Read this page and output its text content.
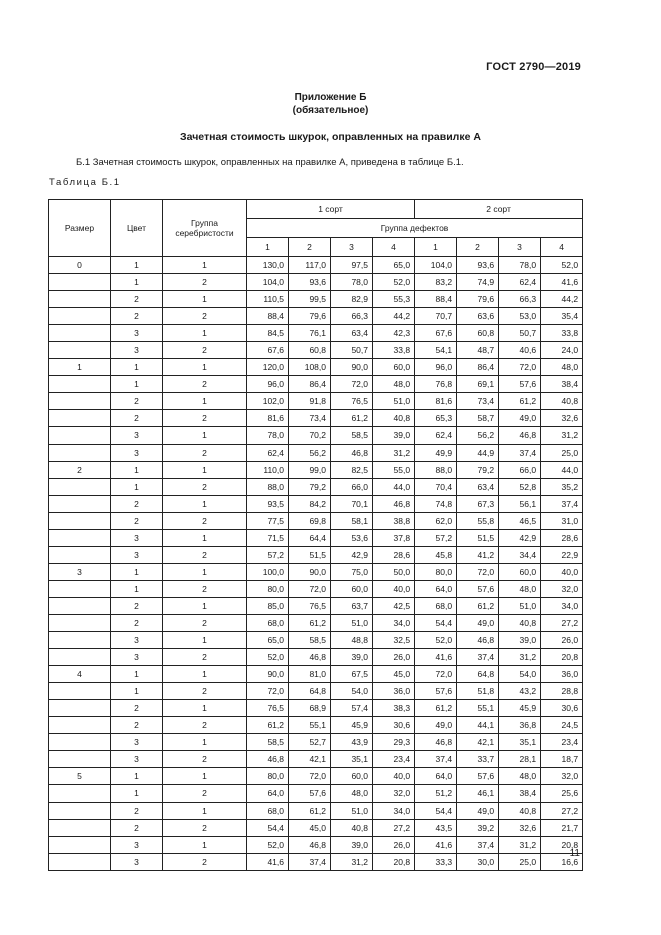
ГОСТ 2790—2019
Приложение Б
(обязательное)
Зачетная стоимость шкурок, оправленных на правилке А
Б.1 Зачетная стоимость шкурок, оправленных на правилке А, приведена в таблице Б.1.
Таблица Б.1
Размер	Цвет	Группа серебристости	1 сорт				2 сорт			
			Группа дефектов							
			1	2	3	4	1	2	3	4
0	1	1	130,0	117,0	97,5	65,0	104,0	93,6	78,0	52,0
	1	2	104,0	93,6	78,0	52,0	83,2	74,9	62,4	41,6
	2	1	110,5	99,5	82,9	55,3	88,4	79,6	66,3	44,2
	2	2	88,4	79,6	66,3	44,2	70,7	63,6	53,0	35,4
	3	1	84,5	76,1	63,4	42,3	67,6	60,8	50,7	33,8
	3	2	67,6	60,8	50,7	33,8	54,1	48,7	40,6	24,0
1	1	1	120,0	108,0	90,0	60,0	96,0	86,4	72,0	48,0
	1	2	96,0	86,4	72,0	48,0	76,8	69,1	57,6	38,4
	2	1	102,0	91,8	76,5	51,0	81,6	73,4	61,2	40,8
	2	2	81,6	73,4	61,2	40,8	65,3	58,7	49,0	32,6
	3	1	78,0	70,2	58,5	39,0	62,4	56,2	46,8	31,2
	3	2	62,4	56,2	46,8	31,2	49,9	44,9	37,4	25,0
2	1	1	110,0	99,0	82,5	55,0	88,0	79,2	66,0	44,0
	1	2	88,0	79,2	66,0	44,0	70,4	63,4	52,8	35,2
	2	1	93,5	84,2	70,1	46,8	74,8	67,3	56,1	37,4
	2	2	77,5	69,8	58,1	38,8	62,0	55,8	46,5	31,0
	3	1	71,5	64,4	53,6	37,8	57,2	51,5	42,9	28,6
	3	2	57,2	51,5	42,9	28,6	45,8	41,2	34,4	22,9
3	1	1	100,0	90,0	75,0	50,0	80,0	72,0	60,0	40,0
	1	2	80,0	72,0	60,0	40,0	64,0	57,6	48,0	32,0
	2	1	85,0	76,5	63,7	42,5	68,0	61,2	51,0	34,0
	2	2	68,0	61,2	51,0	34,0	54,4	49,0	40,8	27,2
	3	1	65,0	58,5	48,8	32,5	52,0	46,8	39,0	26,0
	3	2	52,0	46,8	39,0	26,0	41,6	37,4	31,2	20,8
4	1	1	90,0	81,0	67,5	45,0	72,0	64,8	54,0	36,0
	1	2	72,0	64,8	54,0	36,0	57,6	51,8	43,2	28,8
	2	1	76,5	68,9	57,4	38,3	61,2	55,1	45,9	30,6
	2	2	61,2	55,1	45,9	30,6	49,0	44,1	36,8	24,5
	3	1	58,5	52,7	43,9	29,3	46,8	42,1	35,1	23,4
	3	2	46,8	42,1	35,1	23,4	37,4	33,7	28,1	18,7
5	1	1	80,0	72,0	60,0	40,0	64,0	57,6	48,0	32,0
	1	2	64,0	57,6	48,0	32,0	51,2	46,1	38,4	25,6
	2	1	68,0	61,2	51,0	34,0	54,4	49,0	40,8	27,2
	2	2	54,4	45,0	40,8	27,2	43,5	39,2	32,6	21,7
	3	1	52,0	46,8	39,0	26,0	41,6	37,4	31,2	20,8
	3	2	41,6	37,4	31,2	20,8	33,3	30,0	25,0	16,6
11
